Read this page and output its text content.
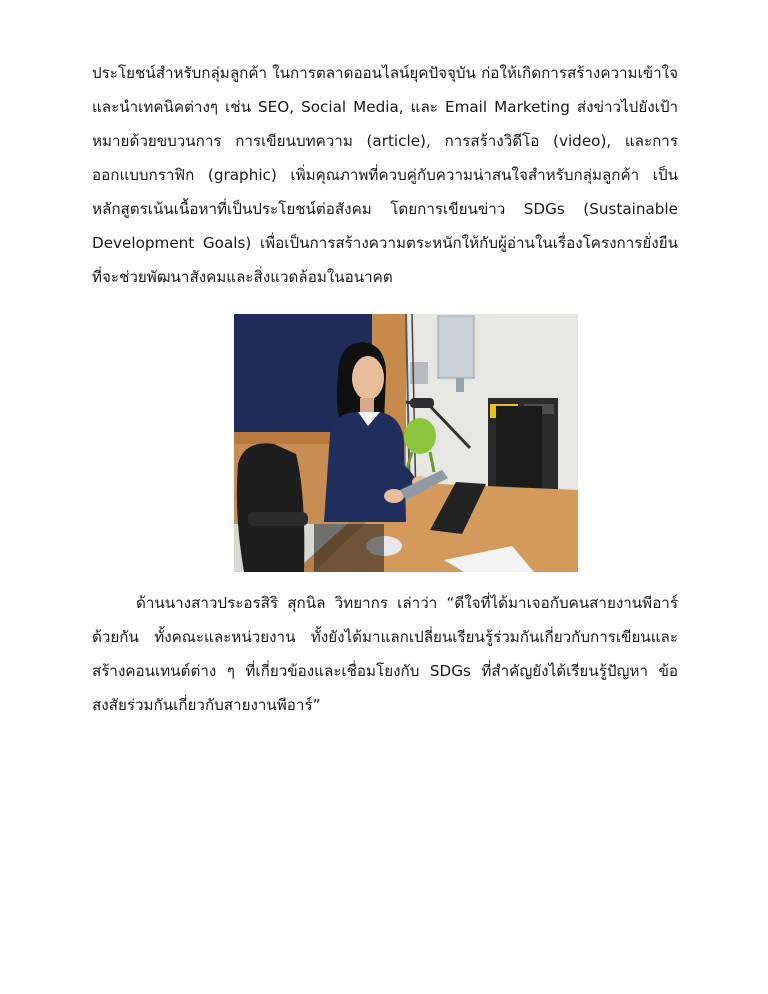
ประโยชน์สำหรับกลุ่มลูกค้า ในการตลาดออนไลน์ยุคปัจจุบัน ก่อให้เกิดการสร้างความเข้าใจและนำเทคนิคต่างๆ เช่น SEO, Social Media, และ Email Marketing ส่งข่าวไปยังเป้าหมายด้วยขบวนการ การเขียนบทความ (article), การสร้างวิดีโอ (video), และการออกแบบกราฟิก (graphic) เพิ่มคุณภาพที่ควบคู่กับความน่าสนใจสำหรับกลุ่มลูกค้า เป็นหลักสูตรเน้นเนื้อหาที่เป็นประโยชน์ต่อสังคม โดยการเขียนข่าว SDGs (Sustainable Development Goals) เพื่อเป็นการสร้างความตระหนักให้กับผู้อ่านในเรื่องโครงการยั่งยืนที่จะช่วยพัฒนาสังคมและสิ่งแวดล้อมในอนาคต

ด้านนางสาวประอรสิริ สุกนิล วิทยากร เล่าว่า “ดีใจที่ได้มาเจอกับคนสายงานพีอาร์ด้วยกัน ทั้งคณะและหน่วยงาน ทั้งยังได้มาแลกเปลี่ยนเรียนรู้ร่วมกันเกี่ยวกับการเขียนและสร้างคอนเทนต์ต่าง ๆ ที่เกี่ยวข้องและเชื่อมโยงกับ SDGs ที่สำคัญยังได้เรียนรู้ปัญหา ข้อสงสัยร่วมกันเกี่ยวกับสายงานพีอาร์”
